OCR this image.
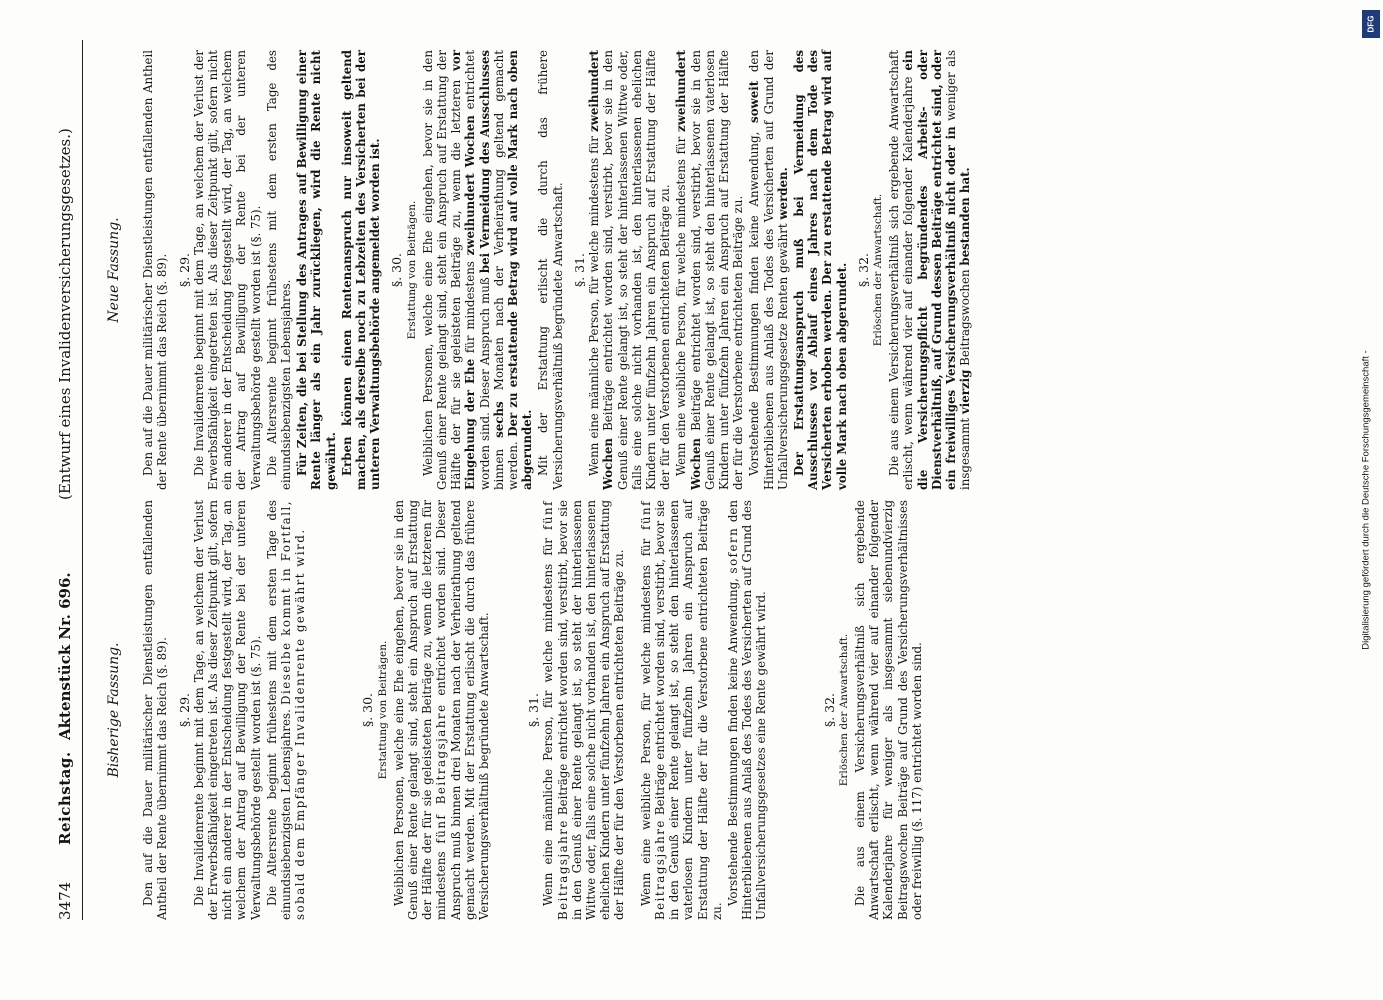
3474
Reichstag.
Aktenstück Nr. 696.
(Entwurf eines Invalidenversicherungsgesetzes.)
Bisherige Fassung. Den auf die Dauer militärischer Dienstleistungen entfallenden Antheil der Rente übernimmt das Reich (§. 89). §. 29. Die Invalidenrente beginnt mit dem Tage, an welchem der Verlust der Erwerbsfähigkeit eingetreten ist. Als dieser Zeitpunkt gilt, sofern nicht ein anderer in der Entscheidung festgestellt wird, der Tag, an welchem der Antrag auf Bewilligung der Rente bei der unteren Verwaltungsbehörde gestellt worden ist (§. 75). Die Altersrente beginnt frühestens mit dem ersten Tage des einundsiebenzigsten Lebensjahres. Dieselbe kommt in Fortfall, sobald dem Empfänger Invalidenrente gewährt wird.	§. 30. Erstattung von Beiträgen. Weiblichen Personen, welche eine Ehe eingehen, bevor sie in den Genuß einer Rente gelangt sind, steht ein Anspruch auf Erstattung der Hälfte der für sie geleisteten Beiträge zu, wenn die letzteren für mindestens fünf Beitragsjahre entrichtet worden sind. Dieser Anspruch muß binnen drei Monaten nach der Verheirathung geltend gemacht werden. Mit der Erstattung erlischt die durch das frühere Versicherungsverhältniß begründete Anwartschaft.	§. 31. Wenn eine männliche Person, für welche mindestens für fünf Beitragsjahre Beiträge entrichtet worden sind, verstirbt, bevor sie in den Genuß einer Rente gelangt ist, so steht der hinterlassenen Wittwe oder, falls eine solche nicht vorhanden ist, den hinterlassenen ehelichen Kindern unter fünfzehn Jahren ein Anspruch auf Erstattung der Hälfte der für den Verstorbenen entrichteten Beiträge zu. Wenn eine weibliche Person, für welche mindestens für fünf Beitragsjahre Beiträge entrichtet worden sind, verstirbt, bevor sie in den Genuß einer Rente gelangt ist, so steht den hinterlassenen vaterlosen Kindern unter fünfzehn Jahren ein Anspruch auf Erstattung der Hälfte der für die Verstorbene entrichteten Beiträge zu.

Vorstehende Bestimmungen finden keine Anwendung, sofern den Hinterbliebenen aus Anlaß des Todes des Versicherten auf Grund des Unfallversicherungsgesetzes eine Rente gewährt wird.	§. 32. Erlöschen der Anwartschaft. Die aus einem Versicherungsverhältniß sich ergebende Anwartschaft erlischt, wenn während vier auf einander folgender Kalenderjahre für weniger als insgesammt siebenundvierzig Beitragswochen Beiträge auf Grund des Versicherungsverhältnisses oder freiwillig (§. 117) entrichtet worden sind.

Neue Fassung. Den auf die Dauer militärischer Dienstleistungen entfallenden Antheil der Rente übernimmt das Reich (§. 89). §. 29. Die Invalidenrente beginnt mit dem Tage, an welchem der Verlust der Erwerbsfähigkeit eingetreten ist. Als dieser Zeitpunkt gilt, sofern nicht ein anderer in der Entscheidung festgestellt wird, der Tag, an welchem der Antrag auf Bewilligung der Rente bei der unteren Verwaltungsbehörde gestellt worden ist (§. 75). Die Altersrente beginnt frühestens mit dem ersten Tage des einundsiebenzigsten Lebensjahres. Für Zeiten, die bei Stellung des Antrages auf Bewilligung einer Rente länger als ein Jahr zurückliegen, wird die Rente nicht gewährt. Erben können einen Rentenanspruch nur insoweit geltend machen, als derselbe noch zu Lebzeiten des Versicherten bei der unteren Verwaltungsbehörde angemeldet worden ist. §. 30. Erstattung von Beiträgen. Weiblichen Personen, welche eine Ehe eingehen, bevor sie in den Genuß einer Rente gelangt sind, steht ein Anspruch auf Erstattung der Hälfte der für sie geleisteten Beiträge zu, wenn die letzteren vor Eingehung der Ehe für mindestens zweihundert Wochen entrichtet worden sind. Dieser Anspruch muß bei Vermeidung des Ausschlusses binnen sechs Monaten nach der Verheirathung geltend gemacht werden. Der zu erstattende Betrag wird auf volle Mark nach oben abgerundet. Mit der Erstattung erlischt die durch das frühere Versicherungsverhältniß begründete Anwartschaft. §. 31. Wenn eine männliche Person, für welche mindestens für zweihundert Wochen Beiträge entrichtet worden sind, verstirbt, bevor sie in den Genuß einer Rente gelangt ist, so steht der hinterlassenen Wittwe oder, falls eine solche nicht vorhanden ist, den hinterlassenen ehelichen Kindern unter fünfzehn Jahren ein Anspruch auf Erstattung der Hälfte der für den Verstorbenen entrichteten Beiträge zu. Wenn eine weibliche Person, für welche mindestens für zweihundert Wochen Beiträge entrichtet worden sind, verstirbt, bevor sie in den Genuß einer Rente gelangt ist, so steht den hinterlassenen vaterlosen Kindern unter fünfzehn Jahren ein Anspruch auf Erstattung der Hälfte der für die Verstorbene entrichteten Beiträge zu. Vorstehende Bestimmungen finden keine Anwendung, soweit den Hinterbliebenen aus Anlaß des Todes des Versicherten auf Grund der Unfallversicherungsgesetze Renten gewährt werden. Der Erstattungsanspruch muß bei Vermeidung des Ausschlusses vor Ablauf eines Jahres nach dem Tode des Versicherten erhoben werden. Der zu erstattende Betrag wird auf volle Mark nach oben abgerundet. §. 32. Erlöschen der Anwartschaft. Die aus einem Versicherungsverhältniß sich ergebende Anwartschaft erlischt, wenn während vier auf einander folgender Kalenderjahre ein die Versicherungspflicht begründendes Arbeits- oder Dienstverhältniß, auf Grund dessen Beiträge entrichtet sind, oder ein freiwilliges Versicherungsverhältniß nicht oder in weniger als insgesammt vierzig Beitragswochen bestanden hat.

Digitalisierung gefördert durch die Deutsche Forschungsgemeinschaft -
DFG
